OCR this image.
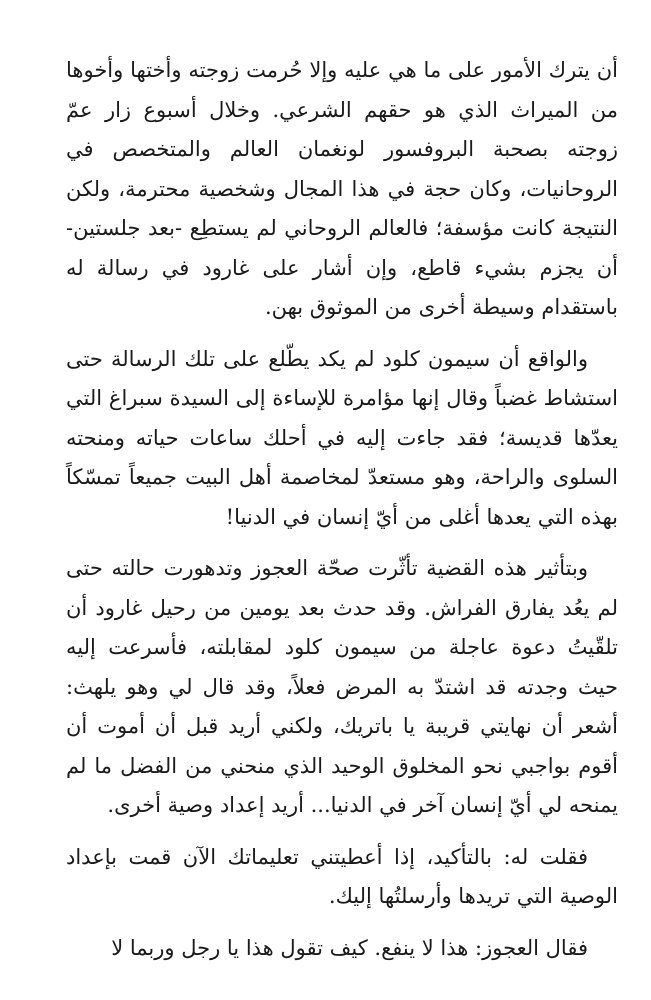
أن يترك الأمور على ما هي عليه وإلا حُرمت زوجته وأختها وأخوها من الميراث الذي هو حقهم الشرعي. وخلال أسبوع زار عمّ زوجته بصحبة البروفسور لونغمان العالم والمتخصص في الروحانيات، وكان حجة في هذا المجال وشخصية محترمة، ولكن النتيجة كانت مؤسفة؛ فالعالم الروحاني لم يستطِع -بعد جلستين- أن يجزم بشيء قاطع، وإن أشار على غارود في رسالة له باستقدام وسيطة أخرى من الموثوق بهن.

والواقع أن سيمون كلود لم يكد يطّلع على تلك الرسالة حتى استشاط غضباً وقال إنها مؤامرة للإساءة إلى السيدة سبراغ التي يعدّها قديسة؛ فقد جاءت إليه في أحلك ساعات حياته ومنحته السلوى والراحة، وهو مستعدّ لمخاصمة أهل البيت جميعاً تمسّكاً بهذه التي يعدها أغلى من أيّ إنسان في الدنيا!

وبتأثير هذه القضية تأثّرت صحّة العجوز وتدهورت حالته حتى لم يعُد يفارق الفراش. وقد حدث بعد يومين من رحيل غارود أن تلقّيتُ دعوة عاجلة من سيمون كلود لمقابلته، فأسرعت إليه حيث وجدته قد اشتدّ به المرض فعلاً، وقد قال لي وهو يلهث: أشعر أن نهايتي قريبة يا باتريك، ولكني أريد قبل أن أموت أن أقوم بواجبي نحو المخلوق الوحيد الذي منحني من الفضل ما لم يمنحه لي أيّ إنسان آخر في الدنيا... أريد إعداد وصية أخرى.

فقلت له: بالتأكيد، إذا أعطيتني تعليماتك الآن قمت بإعداد الوصية التي تريدها وأرسلتُها إليك.

فقال العجوز: هذا لا ينفع. كيف تقول هذا يا رجل وربما لا
